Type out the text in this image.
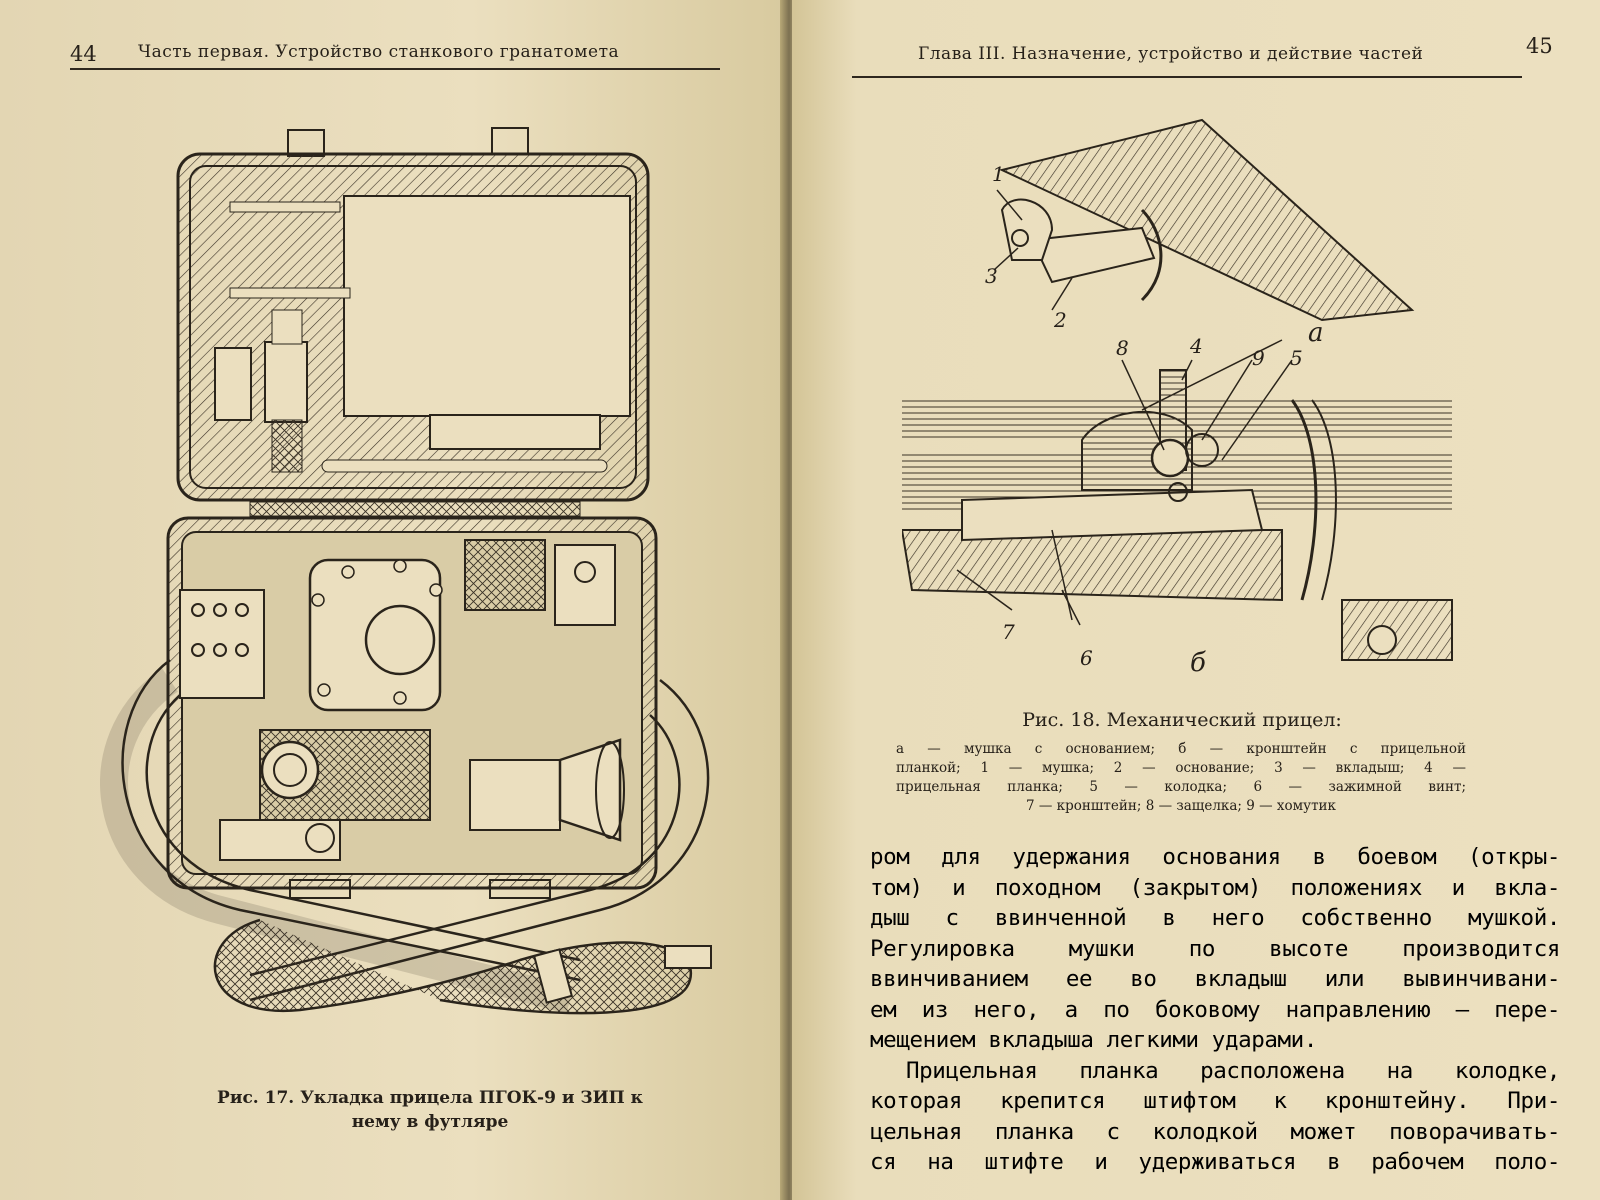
44 Часть первая. Устройство станкового гранатомета
Рис. 17. Укладка прицела ПГОК-9 и ЗИП к
нему в футляре
Глава III. Назначение, устройство и действие частей	45
1
3
2
8	4 9 5
а
7
6	б
Рис. 18. Механический прицел:
а — мушка с основанием; б — кронштейн с прицельной
планкой; 1 — мушка; 2 — основание; 3 — вкладыш; 4 —
прицельная планка; 5 — колодка; 6 — зажимной винт;
7 — кронштейн; 8 — защелка; 9 — хомутик
ром для удержания основания в боевом (откры-
том) и походном (закрытом) положениях и вкла-
дыш с ввинченной в него собственно мушкой.
Регулировка мушки по высоте производится
ввинчиванием ее во вкладыш или вывинчивани-
ем из него, а по боковому направлению — пере-
мещением вкладыша легкими ударами.
Прицельная планка расположена на колодке,
которая крепится штифтом к кронштейну. При-
цельная планка с колодкой может поворачивать-
ся на штифте и удерживаться в рабочем поло-
